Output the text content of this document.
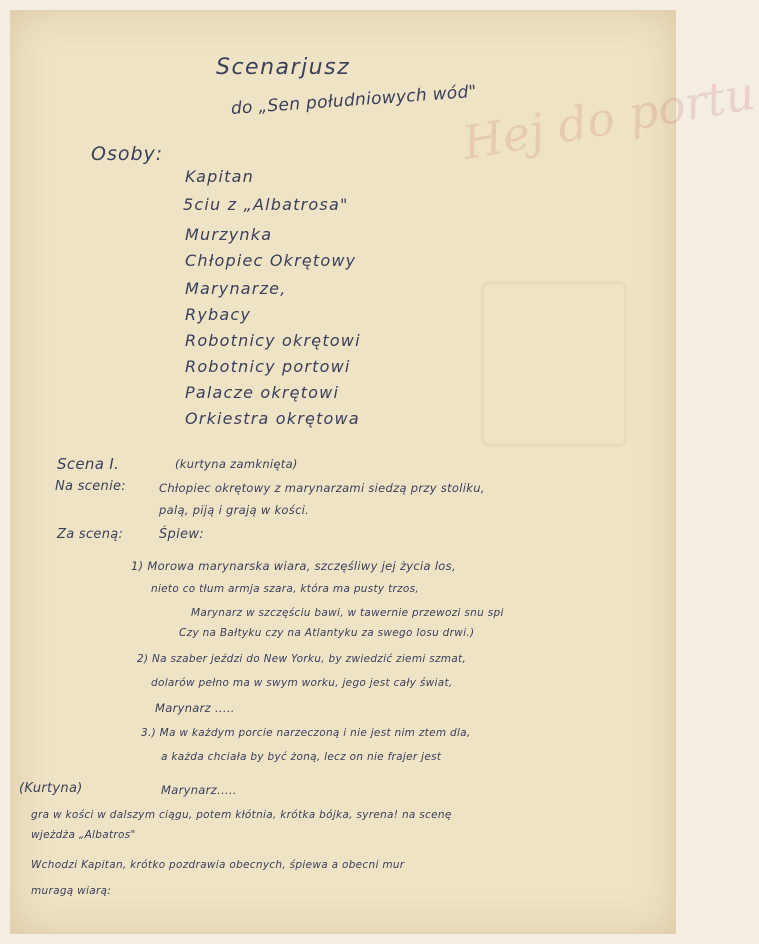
Hej do portu
Scenarjusz
do „Sen południowych wód"
Osoby:
Kapitan
5ciu z „Albatrosa"
Murzynka
Chłopiec Okrętowy
Marynarze,
Rybacy
Robotnicy okrętowi
Robotnicy portowi
Palacze okrętowi
Orkiestra okrętowa
Scena I.	(kurtyna zamknięta)
Na scenie:	Chłopiec okrętowy z marynarzami siedzą przy stoliku,
palą, piją i grają w kości.
Za sceną:	Śpiew:
1) Morowa marynarska wiara, szczęśliwy jej życia los,
nieto co tłum armja szara, która ma pusty trzos,
Marynarz w szczęściu bawi, w tawernie przewozi snu spi
Czy na Bałtyku czy na Atlantyku za swego losu drwi.)
2) Na szaber jeździ do New Yorku, by zwiedzić ziemi szmat,
dolarów pełno ma w swym worku, jego jest cały świat,
Marynarz .....
3.) Ma w każdym porcie narzeczoną i nie jest nim ztem dla,
a każda chciała by być żoną, lecz on nie frajer jest
Marynarz.....
(Kurtyna)
gra w kości w dalszym ciągu, potem kłótnia, krótka bójka, syrena! na scenę
wjeżdża „Albatros"
Wchodzi Kapitan, krótko pozdrawia obecnych, śpiewa a obecni mur
muragą wiarą:
